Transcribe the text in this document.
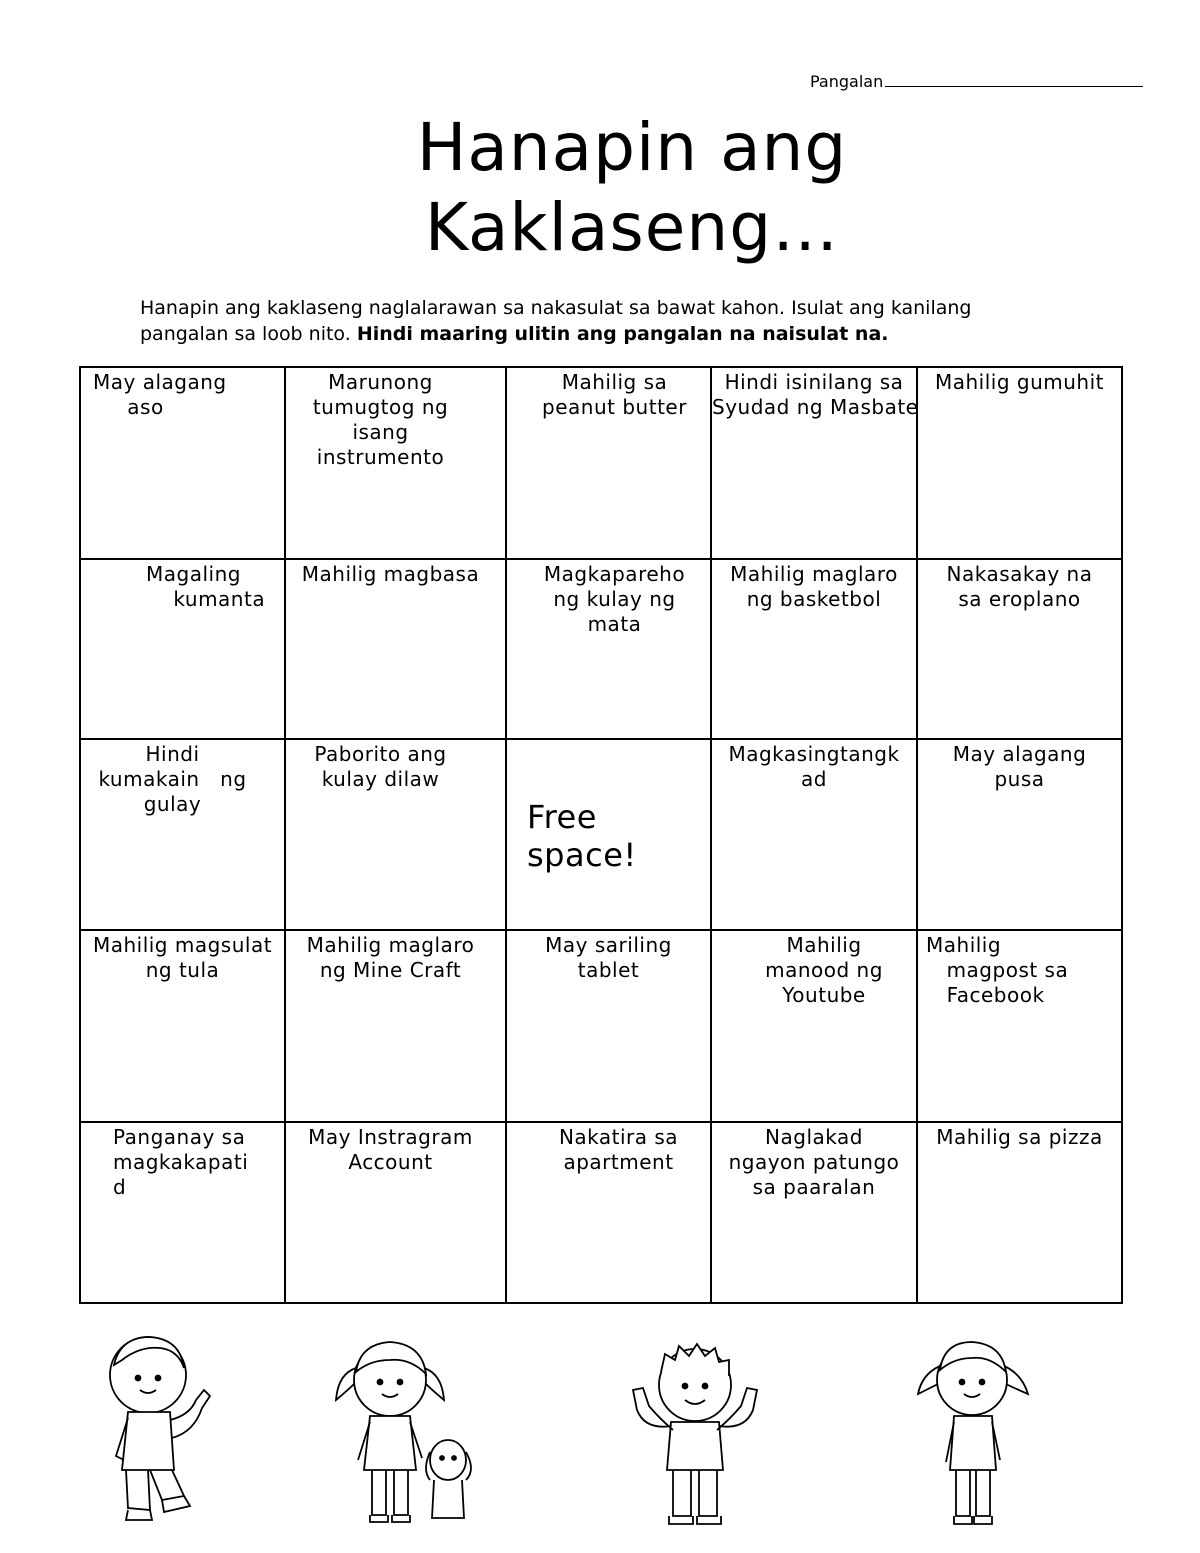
Pangalan
Hanapin ang
Kaklaseng…
Hanapin ang kaklaseng naglalarawan sa nakasulat sa bawat kahon. Isulat ang kanilang pangalan sa loob nito. Hindi maaring ulitin ang pangalan na naisulat na.
May alagang
aso	Marunong
tumugtog ng
isang
instrumento	Mahilig sa
peanut butter	Hindi isinilang sa
Syudad ng Masbate	Mahilig gumuhit

Magaling
kumanta	Mahilig magbasa	Magkapareho
ng kulay ng
mata	Mahilig maglaro
ng basketbol	Nakasakay na
sa eroplano

Hindi
kumakain   ng
gulay	Paborito ang
kulay dilaw	Free
space!	Magkasingtangk
ad	May alagang
pusa

Mahilig magsulat
ng tula	Mahilig maglaro
ng Mine Craft	May sariling
tablet	Mahilig
manood ng
Youtube	Mahilig
magpost sa
Facebook

Panganay sa
magkakapati
d	May Instragram
Account	Nakatira sa
apartment	Naglakad
ngayon patungo
sa paaralan	Mahilig sa pizza
